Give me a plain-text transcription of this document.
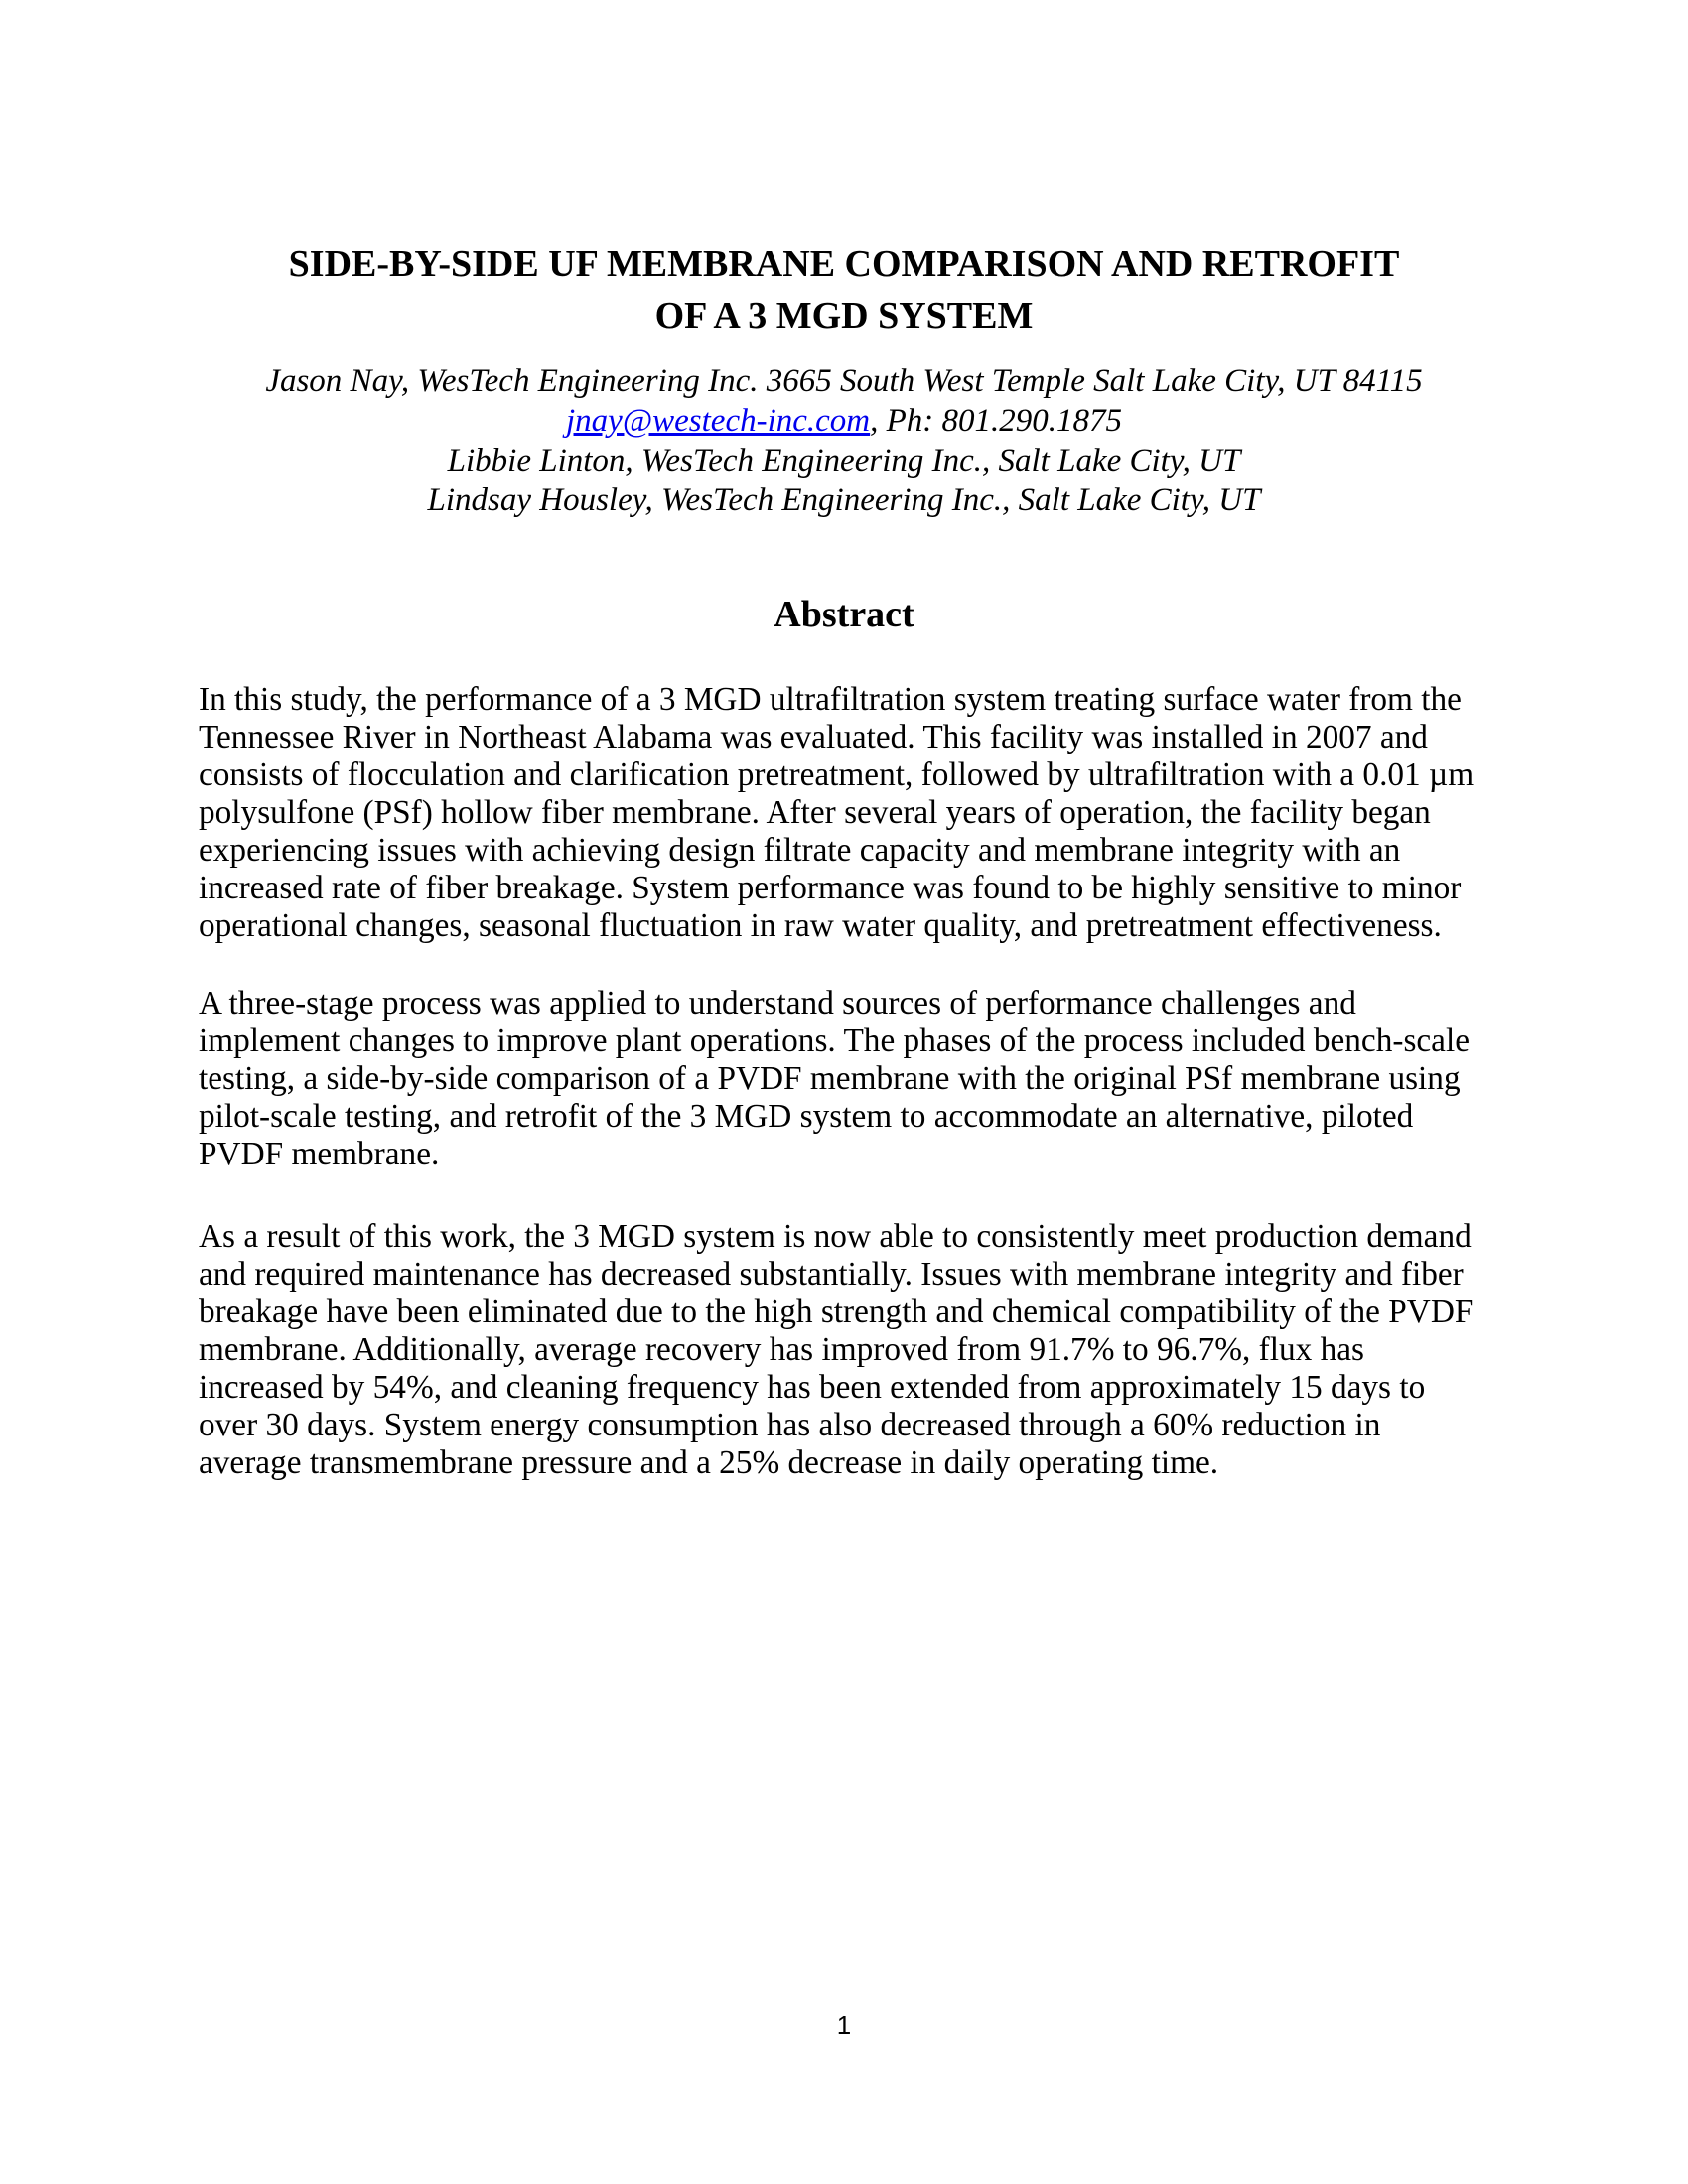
SIDE-BY-SIDE UF MEMBRANE COMPARISON AND RETROFIT
OF A 3 MGD SYSTEM
Jason Nay, WesTech Engineering Inc. 3665 South West Temple Salt Lake City, UT 84115
jnay@westech-inc.com, Ph: 801.290.1875
Libbie Linton, WesTech Engineering Inc., Salt Lake City, UT
Lindsay Housley, WesTech Engineering Inc., Salt Lake City, UT
Abstract

In this study, the performance of a 3 MGD ultrafiltration system treating surface water from the Tennessee River in Northeast Alabama was evaluated. This facility was installed in 2007 and consists of flocculation and clarification pretreatment, followed by ultrafiltration with a 0.01 µm polysulfone (PSf) hollow fiber membrane. After several years of operation, the facility began experiencing issues with achieving design filtrate capacity and membrane integrity with an increased rate of fiber breakage. System performance was found to be highly sensitive to minor operational changes, seasonal fluctuation in raw water quality, and pretreatment effectiveness.

A three-stage process was applied to understand sources of performance challenges and implement changes to improve plant operations. The phases of the process included bench-scale testing, a side-by-side comparison of a PVDF membrane with the original PSf membrane using pilot-scale testing, and retrofit of the 3 MGD system to accommodate an alternative, piloted PVDF membrane.

As a result of this work, the 3 MGD system is now able to consistently meet production demand and required maintenance has decreased substantially. Issues with membrane integrity and fiber breakage have been eliminated due to the high strength and chemical compatibility of the PVDF membrane. Additionally, average recovery has improved from 91.7% to 96.7%, flux has increased by 54%, and cleaning frequency has been extended from approximately 15 days to over 30 days. System energy consumption has also decreased through a 60% reduction in average transmembrane pressure and a 25% decrease in daily operating time.

1
